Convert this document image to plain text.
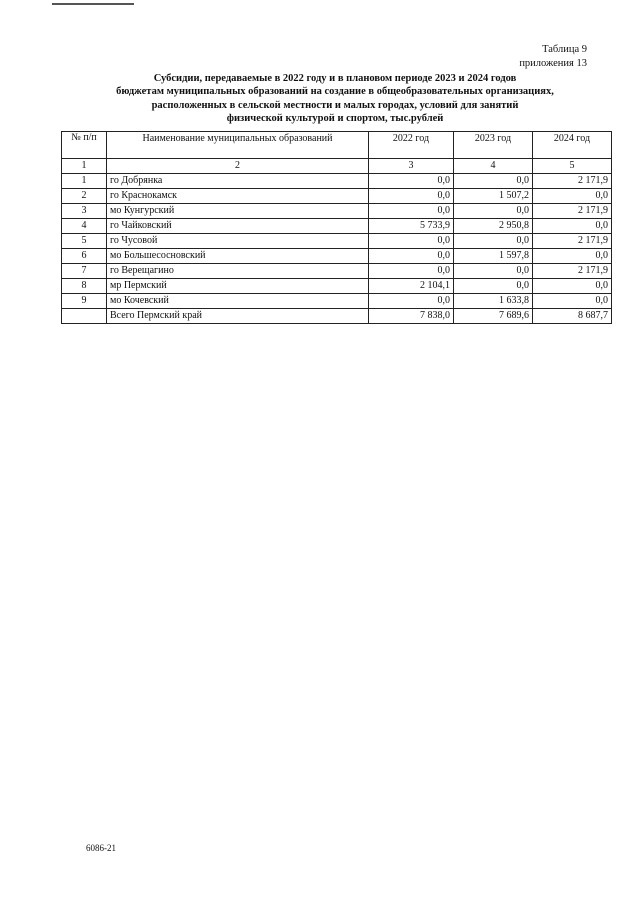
Таблица 9
приложения 13
Субсидии, передаваемые в 2022 году и в плановом периоде 2023 и 2024 годов
бюджетам муниципальных образований на создание в общеобразовательных организациях,
расположенных в сельской местности и малых городах, условий для занятий
физической культурой и спортом, тыс.рублей
№ п/п	Наименование муниципальных образований	2022 год	2023 год	2024 год
1	2	3	4	5
1	го Добрянка	0,0	0,0	2 171,9
2	го Краснокамск	0,0	1 507,2	0,0
3	мо Кунгурский	0,0	0,0	2 171,9
4	го Чайковский	5 733,9	2 950,8	0,0
5	го Чусовой	0,0	0,0	2 171,9
6	мо Большесосновский	0,0	1 597,8	0,0
7	го Верещагино	0,0	0,0	2 171,9
8	мр Пермский	2 104,1	0,0	0,0
9	мо Кочевский	0,0	1 633,8	0,0
	Всего Пермский край	7 838,0	7 689,6	8 687,7
6086-21
